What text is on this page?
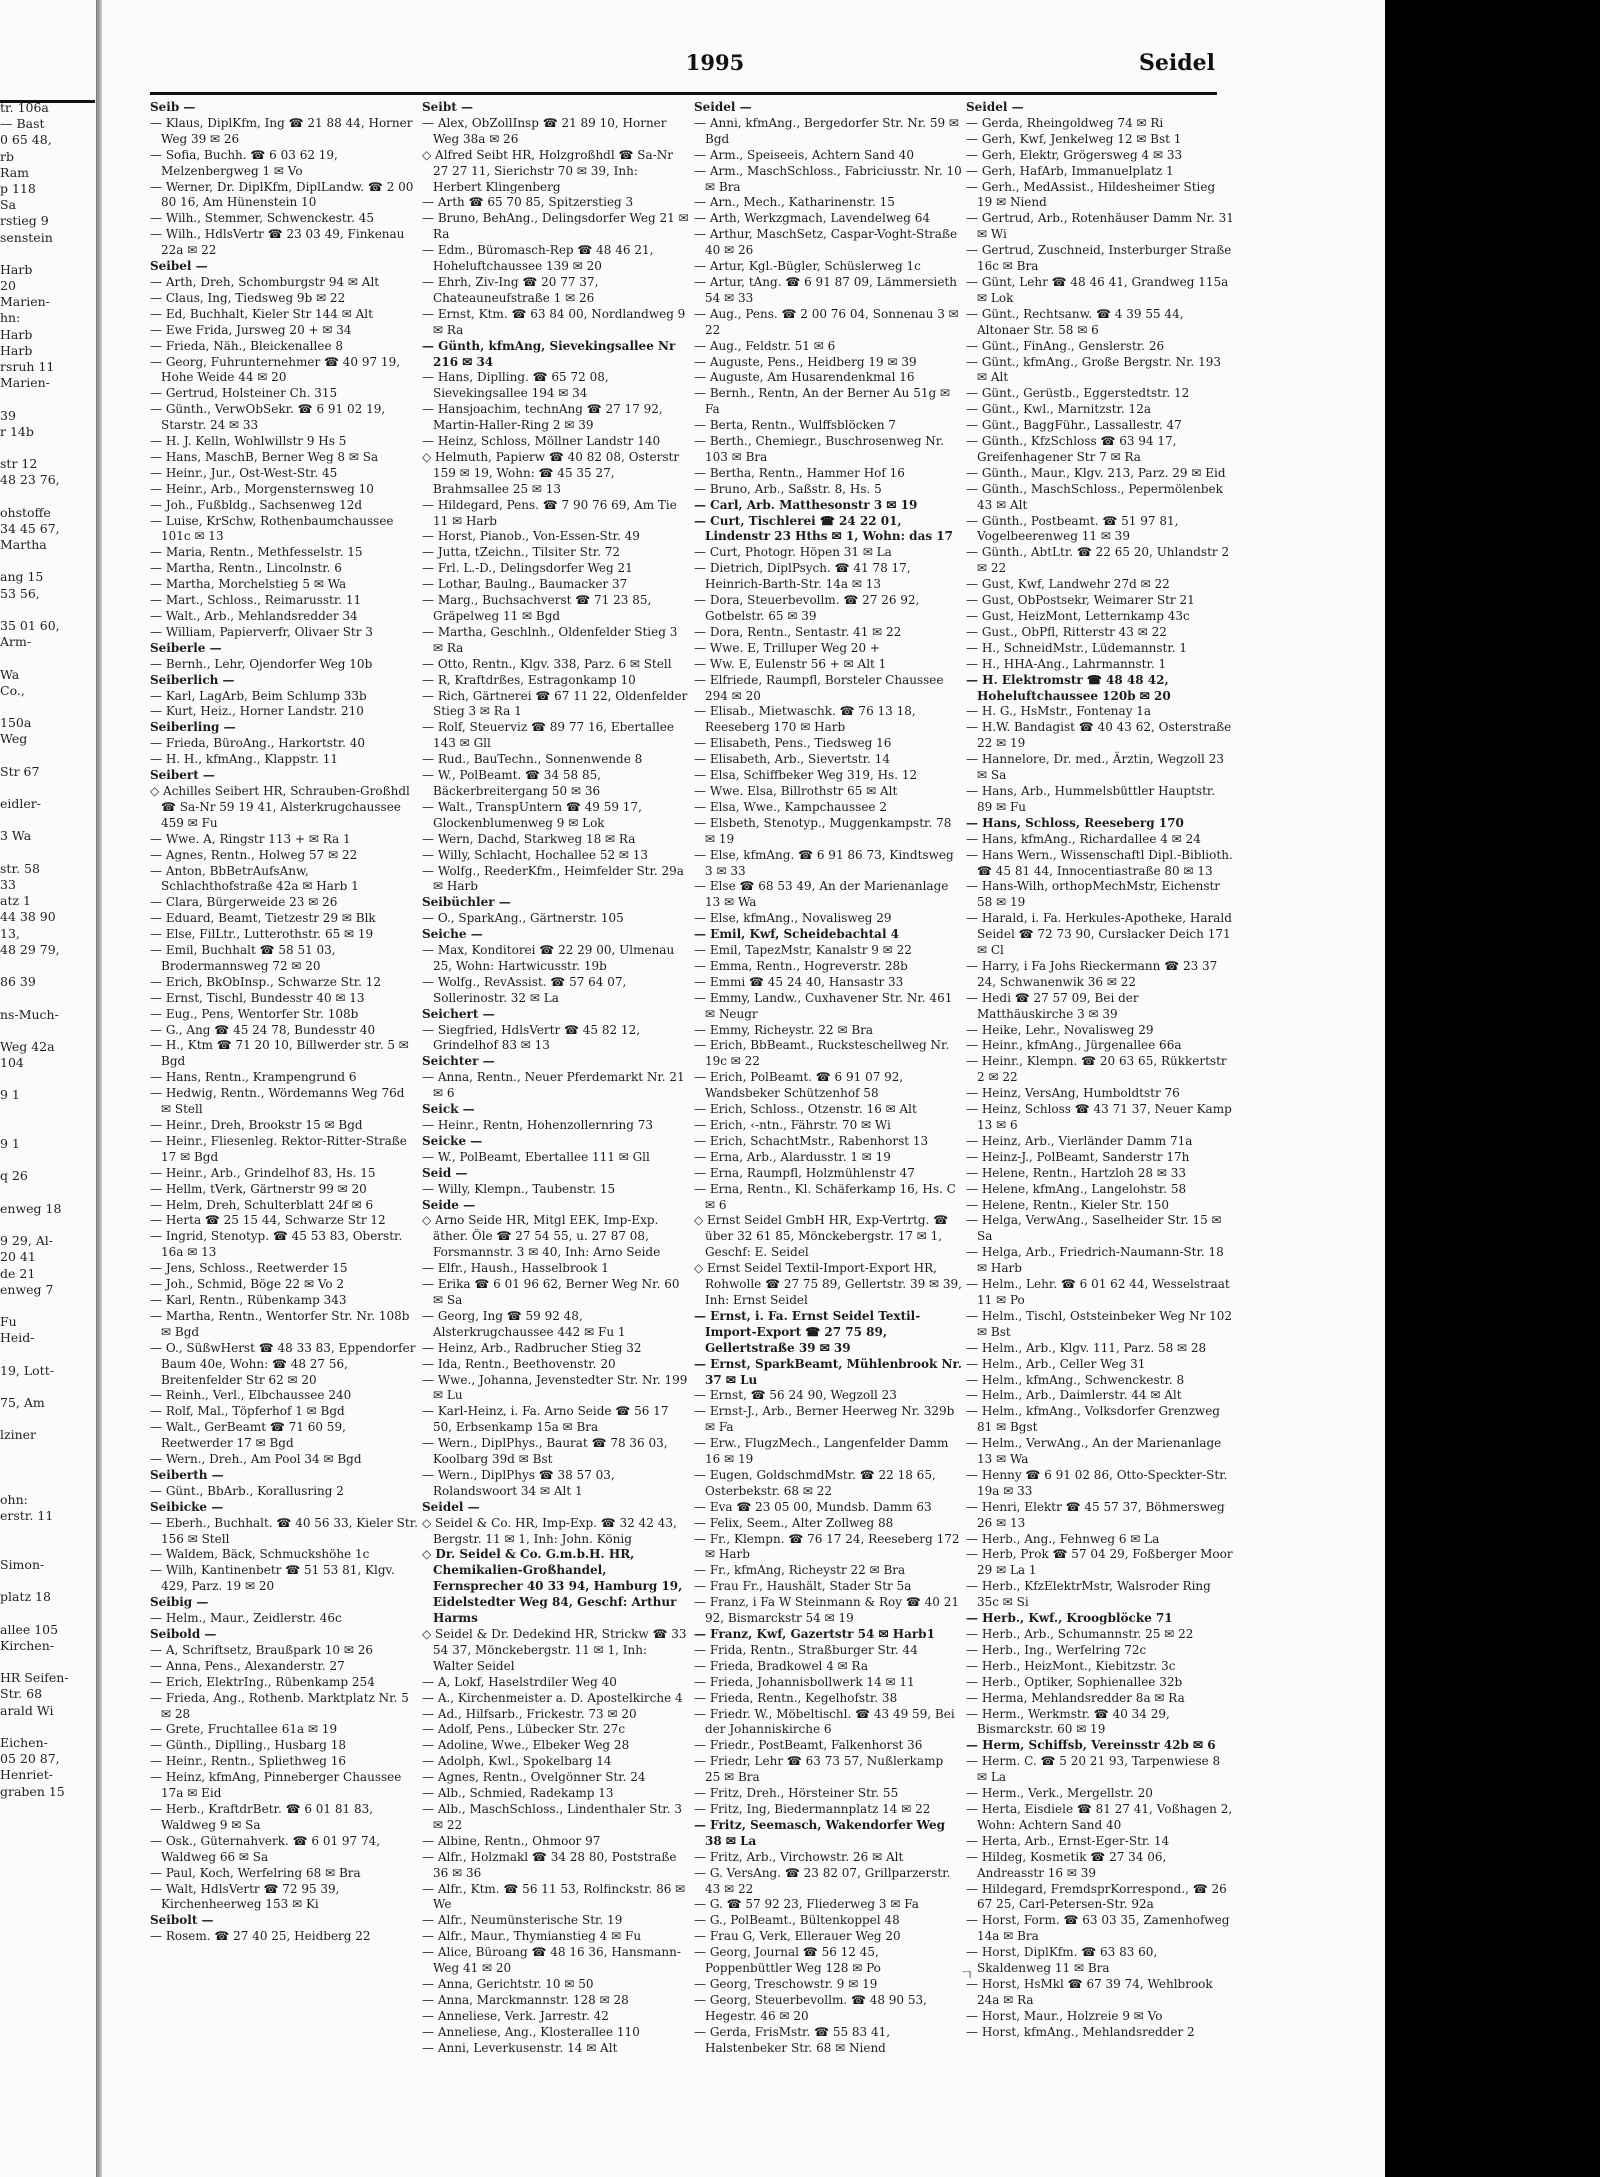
tr. 106a
— Bast
0 65 48,
rb
Ram
p 118
Sa
rstieg 9
senstein
Harb
20
Marien-
hn:
Harb
Harb
rsruh 11
Marien-
39
r 14b
str 12
48 23 76,
ohstoffe
34 45 67,
Martha
ang 15
53 56,
35 01 60,
Arm-
Wa
Co.,
150a
Weg
Str 67
eidler-
3 Wa
str. 58
33
atz 1
44 38 90
13,
48 29 79,
86 39
ns-Much-
Weg 42a
104
9 1
9 1
q 26
enweg 18
9 29, Al-
20 41
de 21
enweg 7
Fu
Heid-
19, Lott-
75, Am
lziner
ohn:
erstr. 11
Simon-
platz 18
allee 105
Kirchen-
HR Seifen-
Str. 68
arald Wi
Eichen-
05 20 87,
Henriet-
graben 15
1995	Seidel
Seib —
— Klaus, DiplKfm, Ing ☎ 21 88 44, Horner Weg 39 ✉ 26
— Sofia, Buchh. ☎ 6 03 62 19, Melzenbergweg 1 ✉ Vo
— Werner, Dr. DiplKfm, DiplLandw. ☎ 2 00 80 16, Am Hünenstein 10
— Wilh., Stemmer, Schwenckestr. 45
— Wilh., HdlsVertr ☎ 23 03 49, Finkenau 22a ✉ 22
Seibel —
— Arth, Dreh, Schomburgstr 94 ✉ Alt
— Claus, Ing, Tiedsweg 9b ✉ 22
— Ed, Buchhalt, Kieler Str 144 ✉ Alt
— Ewe Frida, Jursweg 20 + ✉ 34
— Frieda, Näh., Bleickenallee 8
— Georg, Fuhrunternehmer ☎ 40 97 19, Hohe Weide 44 ✉ 20
— Gertrud, Holsteiner Ch. 315
— Günth., VerwObSekr. ☎ 6 91 02 19, Starstr. 24 ✉ 33
— H. J. Kelln, Wohlwillstr 9 Hs 5
— Hans, MaschB, Berner Weg 8 ✉ Sa
— Heinr., Jur., Ost-West-Str. 45
— Heinr., Arb., Morgensternsweg 10
— Joh., Fußbldg., Sachsenweg 12d
— Luise, KrSchw, Rothenbaumchaussee 101c ✉ 13
— Maria, Rentn., Methfesselstr. 15
— Martha, Rentn., Lincolnstr. 6
— Martha, Morchelstieg 5 ✉ Wa
— Mart., Schloss., Reimarusstr. 11
— Walt., Arb., Mehlandsredder 34
— William, Papierverfr, Olivaer Str 3
Seiberle —
— Bernh., Lehr, Ojendorfer Weg 10b
Seiberlich —
— Karl, LagArb, Beim Schlump 33b
— Kurt, Heiz., Horner Landstr. 210
Seiberling —
— Frieda, BüroAng., Harkortstr. 40
— H. H., kfmAng., Klappstr. 11
Seibert —
◇ Achilles Seibert HR, Schrauben-Großhdl ☎ Sa-Nr 59 19 41, Alsterkrugchaussee 459 ✉ Fu
— Wwe. A, Ringstr 113 + ✉ Ra 1
— Agnes, Rentn., Holweg 57 ✉ 22
— Anton, BbBetrAufsAnw, Schlachthofstraße 42a ✉ Harb 1
— Clara, Bürgerweide 23 ✉ 26
— Eduard, Beamt, Tietzestr 29 ✉ Blk
— Else, FilLtr., Lutterothstr. 65 ✉ 19
— Emil, Buchhalt ☎ 58 51 03, Brodermannsweg 72 ✉ 20
— Erich, BkObInsp., Schwarze Str. 12
— Ernst, Tischl, Bundesstr 40 ✉ 13
— Eug., Pens, Wentorfer Str. 108b
— G., Ang ☎ 45 24 78, Bundesstr 40
— H., Ktm ☎ 71 20 10, Billwerder str. 5 ✉ Bgd
— Hans, Rentn., Krampengrund 6
— Hedwig, Rentn., Wördemanns Weg 76d ✉ Stell
— Heinr., Dreh, Brookstr 15 ✉ Bgd
— Heinr., Fliesenleg. Rektor-Ritter-Straße 17 ✉ Bgd
— Heinr., Arb., Grindelhof 83, Hs. 15
— Hellm, tVerk, Gärtnerstr 99 ✉ 20
— Helm, Dreh, Schulterblatt 24f ✉ 6
— Herta ☎ 25 15 44, Schwarze Str 12
— Ingrid, Stenotyp. ☎ 45 53 83, Oberstr. 16a ✉ 13
— Jens, Schloss., Reetwerder 15
— Joh., Schmid, Böge 22 ✉ Vo 2
— Karl, Rentn., Rübenkamp 343
— Martha, Rentn., Wentorfer Str. Nr. 108b ✉ Bgd
— O., SüßwHerst ☎ 48 33 83, Eppendorfer Baum 40e, Wohn: ☎ 48 27 56, Breitenfelder Str 62 ✉ 20
— Reinh., Verl., Elbchaussee 240
— Rolf, Mal., Töpferhof 1 ✉ Bgd
— Walt., GerBeamt ☎ 71 60 59, Reetwerder 17 ✉ Bgd
— Wern., Dreh., Am Pool 34 ✉ Bgd
Seiberth —
— Günt., BbArb., Korallusring 2
Seibicke —
— Eberh., Buchhalt. ☎ 40 56 33, Kieler Str. 156 ✉ Stell
— Waldem, Bäck, Schmuckshöhe 1c
— Wilh, Kantinenbetr ☎ 51 53 81, Klgv. 429, Parz. 19 ✉ 20
Seibig —
— Helm., Maur., Zeidlerstr. 46c
Seibold —
— A, Schriftsetz, Braußpark 10 ✉ 26
— Anna, Pens., Alexanderstr. 27
— Erich, ElektrIng., Rübenkamp 254
— Frieda, Ang., Rothenb. Marktplatz Nr. 5 ✉ 28
— Grete, Fruchtallee 61a ✉ 19
— Günth., Diplling., Husbarg 18
— Heinr., Rentn., Spliethweg 16
— Heinz, kfmAng, Pinneberger Chaussee 17a ✉ Eid
— Herb., KraftdrBetr. ☎ 6 01 81 83, Waldweg 9 ✉ Sa
— Osk., Güternahverk. ☎ 6 01 97 74, Waldweg 66 ✉ Sa
— Paul, Koch, Werfelring 68 ✉ Bra
— Walt, HdlsVertr ☎ 72 95 39, Kirchenheerweg 153 ✉ Ki
Seibolt —
— Rosem. ☎ 27 40 25, Heidberg 22
Seibt —
— Alex, ObZollInsp ☎ 21 89 10, Horner Weg 38a ✉ 26
◇ Alfred Seibt HR, Holzgroßhdl ☎ Sa-Nr 27 27 11, Sierichstr 70 ✉ 39, Inh: Herbert Klingenberg
— Arth ☎ 65 70 85, Spitzerstieg 3
— Bruno, BehAng., Delingsdorfer Weg 21 ✉ Ra
— Edm., Büromasch-Rep ☎ 48 46 21, Hoheluftchaussee 139 ✉ 20
— Ehrh, Ziv-Ing ☎ 20 77 37, Chateauneufstraße 1 ✉ 26
— Ernst, Ktm. ☎ 63 84 00, Nordlandweg 9 ✉ Ra
— Günth, kfmAng, Sievekingsallee Nr 216 ✉ 34
— Hans, Diplling. ☎ 65 72 08, Sievekingsallee 194 ✉ 34
— Hansjoachim, technAng ☎ 27 17 92, Martin-Haller-Ring 2 ✉ 39
— Heinz, Schloss, Möllner Landstr 140
◇ Helmuth, Papierw ☎ 40 82 08, Osterstr 159 ✉ 19, Wohn: ☎ 45 35 27, Brahmsallee 25 ✉ 13
— Hildegard, Pens. ☎ 7 90 76 69, Am Tie 11 ✉ Harb
— Horst, Pianob., Von-Essen-Str. 49
— Jutta, tZeichn., Tilsiter Str. 72
— Frl. L.-D., Delingsdorfer Weg 21
— Lothar, Baulng., Baumacker 37
— Marg., Buchsachverst ☎ 71 23 85, Gräpelweg 11 ✉ Bgd
— Martha, Geschlnh., Oldenfelder Stieg 3 ✉ Ra
— Otto, Rentn., Klgv. 338, Parz. 6 ✉ Stell
— R, Kraftdrßes, Estragonkamp 10
— Rich, Gärtnerei ☎ 67 11 22, Oldenfelder Stieg 3 ✉ Ra 1
— Rolf, Steuerviz ☎ 89 77 16, Ebertallee 143 ✉ Gll
— Rud., BauTechn., Sonnenwende 8
— W., PolBeamt. ☎ 34 58 85, Bäckerbreitergang 50 ✉ 36
— Walt., TranspUntern ☎ 49 59 17, Glockenblumenweg 9 ✉ Lok
— Wern, Dachd, Starkweg 18 ✉ Ra
— Willy, Schlacht, Hochallee 52 ✉ 13
— Wolfg., ReederKfm., Heimfelder Str. 29a ✉ Harb
Seibüchler —
— O., SparkAng., Gärtnerstr. 105
Seiche —
— Max, Konditorei ☎ 22 29 00, Ulmenau 25, Wohn: Hartwicusstr. 19b
— Wolfg., RevAssist. ☎ 57 64 07, Sollerinostr. 32 ✉ La
Seichert —
— Siegfried, HdlsVertr ☎ 45 82 12, Grindelhof 83 ✉ 13
Seichter —
— Anna, Rentn., Neuer Pferdemarkt Nr. 21 ✉ 6
Seick —
— Heinr., Rentn, Hohenzollernring 73
Seicke —
— W., PolBeamt, Ebertallee 111 ✉ Gll
Seid —
— Willy, Klempn., Taubenstr. 15
Seide —
◇ Arno Seide HR, Mitgl EEK, Imp-Exp. äther. Öle ☎ 27 54 55, u. 27 87 08, Forsmannstr. 3 ✉ 40, Inh: Arno Seide
— Elfr., Haush., Hasselbrook 1
— Erika ☎ 6 01 96 62, Berner Weg Nr. 60 ✉ Sa
— Georg, Ing ☎ 59 92 48, Alsterkrugchaussee 442 ✉ Fu 1
— Heinz, Arb., Radbrucher Stieg 32
— Ida, Rentn., Beethovenstr. 20
— Wwe., Johanna, Jevenstedter Str. Nr. 199 ✉ Lu
— Karl-Heinz, i. Fa. Arno Seide ☎ 56 17 50, Erbsenkamp 15a ✉ Bra
— Wern., DiplPhys., Baurat ☎ 78 36 03, Koolbarg 39d ✉ Bst
— Wern., DiplPhys ☎ 38 57 03, Rolandswoort 34 ✉ Alt 1
Seidel —
◇ Seidel & Co. HR, Imp-Exp. ☎ 32 42 43, Bergstr. 11 ✉ 1, Inh: John. König
◇ Dr. Seidel & Co. G.m.b.H. HR, Chemikalien-Großhandel, Fernsprecher 40 33 94, Hamburg 19, Eidelstedter Weg 84, Geschf: Arthur Harms
◇ Seidel & Dr. Dedekind HR, Strickw ☎ 33 54 37, Mönckebergstr. 11 ✉ 1, Inh: Walter Seidel
— A, Lokf, Haselstrdiler Weg 40
— A., Kirchenmeister a. D. Apostelkirche 4
— Ad., Hilfsarb., Frickestr. 73 ✉ 20
— Adolf, Pens., Lübecker Str. 27c
— Adoline, Wwe., Elbeker Weg 28
— Adolph, Kwl., Spokelbarg 14
— Agnes, Rentn., Ovelgönner Str. 24
— Alb., Schmied, Radekamp 13
— Alb., MaschSchloss., Lindenthaler Str. 3 ✉ 22
— Albine, Rentn., Ohmoor 97
— Alfr., Holzmakl ☎ 34 28 80, Poststraße 36 ✉ 36
— Alfr., Ktm. ☎ 56 11 53, Rolfinckstr. 86 ✉ We
— Alfr., Neumünsterische Str. 19
— Alfr., Maur., Thymianstieg 4 ✉ Fu
— Alice, Büroang ☎ 48 16 36, Hansmann-Weg 41 ✉ 20
— Anna, Gerichtstr. 10 ✉ 50
— Anna, Marckmannstr. 128 ✉ 28
— Anneliese, Verk. Jarrestr. 42
— Anneliese, Ang., Klosterallee 110
— Anni, Leverkusenstr. 14 ✉ Alt
Seidel —
— Anni, kfmAng., Bergedorfer Str. Nr. 59 ✉ Bgd
— Arm., Speiseeis, Achtern Sand 40
— Arm., MaschSchloss., Fabriciusstr. Nr. 10 ✉ Bra
— Arn., Mech., Katharinenstr. 15
— Arth, Werkzgmach, Lavendelweg 64
— Arthur, MaschSetz, Caspar-Voght-Straße 40 ✉ 26
— Artur, Kgl.-Bügler, Schüslerweg 1c
— Artur, tAng. ☎ 6 91 87 09, Lämmersieth 54 ✉ 33
— Aug., Pens. ☎ 2 00 76 04, Sonnenau 3 ✉ 22
— Aug., Feldstr. 51 ✉ 6
— Auguste, Pens., Heidberg 19 ✉ 39
— Auguste, Am Husarendenkmal 16
— Bernh., Rentn, An der Berner Au 51g ✉ Fa
— Berta, Rentn., Wulffsblöcken 7
— Berth., Chemiegr., Buschrosenweg Nr. 103 ✉ Bra
— Bertha, Rentn., Hammer Hof 16
— Bruno, Arb., Saßstr. 8, Hs. 5
— Carl, Arb. Matthesonstr 3 ✉ 19
— Curt, Tischlerei ☎ 24 22 01, Lindenstr 23 Hths ✉ 1, Wohn: das 17
— Curt, Photogr. Höpen 31 ✉ La
— Dietrich, DiplPsych. ☎ 41 78 17, Heinrich-Barth-Str. 14a ✉ 13
— Dora, Steuerbevollm. ☎ 27 26 92, Gotbelstr. 65 ✉ 39
— Dora, Rentn., Sentastr. 41 ✉ 22
— Wwe. E, Trilluper Weg 20 +
— Ww. E, Eulenstr 56 + ✉ Alt 1
— Elfriede, Raumpfl, Borsteler Chaussee 294 ✉ 20
— Elisab., Mietwaschk. ☎ 76 13 18, Reeseberg 170 ✉ Harb
— Elisabeth, Pens., Tiedsweg 16
— Elisabeth, Arb., Sievertstr. 14
— Elsa, Schiffbeker Weg 319, Hs. 12
— Wwe. Elsa, Billrothstr 65 ✉ Alt
— Elsa, Wwe., Kampchaussee 2
— Elsbeth, Stenotyp., Muggenkampstr. 78 ✉ 19
— Else, kfmAng. ☎ 6 91 86 73, Kindtsweg 3 ✉ 33
— Else ☎ 68 53 49, An der Marienanlage 13 ✉ Wa
— Else, kfmAng., Novalisweg 29
— Emil, Kwf, Scheidebachtal 4
— Emil, TapezMstr, Kanalstr 9 ✉ 22
— Emma, Rentn., Hogreverstr. 28b
— Emmi ☎ 45 24 40, Hansastr 33
— Emmy, Landw., Cuxhavener Str. Nr. 461 ✉ Neugr
— Emmy, Richeystr. 22 ✉ Bra
— Erich, BbBeamt., Rucksteschellweg Nr. 19c ✉ 22
— Erich, PolBeamt. ☎ 6 91 07 92, Wandsbeker Schützenhof 58
— Erich, Schloss., Otzenstr. 16 ✉ Alt
— Erich, ‹-ntn., Fährstr. 70 ✉ Wi
— Erich, SchachtMstr., Rabenhorst 13
— Erna, Arb., Alardusstr. 1 ✉ 19
— Erna, Raumpfl, Holzmühlenstr 47
— Erna, Rentn., Kl. Schäferkamp 16, Hs. C ✉ 6
◇ Ernst Seidel GmbH HR, Exp-Vertrtg. ☎ über 32 61 85, Mönckebergstr. 17 ✉ 1, Geschf: E. Seidel
◇ Ernst Seidel Textil-Import-Export HR, Rohwolle ☎ 27 75 89, Gellertstr. 39 ✉ 39, Inh: Ernst Seidel
— Ernst, i. Fa. Ernst Seidel Textil-Import-Export ☎ 27 75 89, Gellertstraße 39 ✉ 39
— Ernst, SparkBeamt, Mühlenbrook Nr. 37 ✉ Lu
— Ernst, ☎ 56 24 90, Wegzoll 23
— Ernst-J., Arb., Berner Heerweg Nr. 329b ✉ Fa
— Erw., FlugzMech., Langenfelder Damm 16 ✉ 19
— Eugen, GoldschmdMstr. ☎ 22 18 65, Osterbekstr. 68 ✉ 22
— Eva ☎ 23 05 00, Mundsb. Damm 63
— Felix, Seem., Alter Zollweg 88
— Fr., Klempn. ☎ 76 17 24, Reeseberg 172 ✉ Harb
— Fr., kfmAng, Richeystr 22 ✉ Bra
— Frau Fr., Haushält, Stader Str 5a
— Franz, i Fa W Steinmann & Roy ☎ 40 21 92, Bismarckstr 54 ✉ 19
— Franz, Kwf, Gazertstr 54 ✉ Harb1
— Frida, Rentn., Straßburger Str. 44
— Frieda, Bradkowel 4 ✉ Ra
— Frieda, Johannisbollwerk 14 ✉ 11
— Frieda, Rentn., Kegelhofstr. 38
— Friedr. W., Möbeltischl. ☎ 43 49 59, Bei der Johanniskirche 6
— Friedr., PostBeamt, Falkenhorst 36
— Friedr, Lehr ☎ 63 73 57, Nußlerkamp 25 ✉ Bra
— Fritz, Dreh., Hörsteiner Str. 55
— Fritz, Ing, Biedermannplatz 14 ✉ 22
— Fritz, Seemasch, Wakendorfer Weg 38 ✉ La
— Fritz, Arb., Virchowstr. 26 ✉ Alt
— G. VersAng. ☎ 23 82 07, Grillparzerstr. 43 ✉ 22
— G. ☎ 57 92 23, Fliederweg 3 ✉ Fa
— G., PolBeamt., Bültenkoppel 48
— Frau G, Verk, Ellerauer Weg 20
— Georg, Journal ☎ 56 12 45, Poppenbüttler Weg 128 ✉ Po
— Georg, Treschowstr. 9 ✉ 19
— Georg, Steuerbevollm. ☎ 48 90 53, Hegestr. 46 ✉ 20
— Gerda, FrisMstr. ☎ 55 83 41, Halstenbeker Str. 68 ✉ Niend
Seidel —
— Gerda, Rheingoldweg 74 ✉ Ri
— Gerh, Kwf, Jenkelweg 12 ✉ Bst 1
— Gerh, Elektr, Grögersweg 4 ✉ 33
— Gerh, HafArb, Immanuelplatz 1
— Gerh., MedAssist., Hildesheimer Stieg 19 ✉ Niend
— Gertrud, Arb., Rotenhäuser Damm Nr. 31 ✉ Wi
— Gertrud, Zuschneid, Insterburger Straße 16c ✉ Bra
— Günt, Lehr ☎ 48 46 41, Grandweg 115a ✉ Lok
— Günt., Rechtsanw. ☎ 4 39 55 44, Altonaer Str. 58 ✉ 6
— Günt., FinAng., Genslerstr. 26
— Günt., kfmAng., Große Bergstr. Nr. 193 ✉ Alt
— Günt., Gerüstb., Eggerstedtstr. 12
— Günt., Kwl., Marnitzstr. 12a
— Günt., BaggFühr., Lassallestr. 47
— Günth., KfzSchloss ☎ 63 94 17, Greifenhagener Str 7 ✉ Ra
— Günth., Maur., Klgv. 213, Parz. 29 ✉ Eid
— Günth., MaschSchloss., Pepermölenbek 43 ✉ Alt
— Günth., Postbeamt. ☎ 51 97 81, Vogelbeerenweg 11 ✉ 39
— Günth., AbtLtr. ☎ 22 65 20, Uhlandstr 2 ✉ 22
— Gust, Kwf, Landwehr 27d ✉ 22
— Gust, ObPostsekr, Weimarer Str 21
— Gust, HeizMont, Letternkamp 43c
— Gust., ObPfl, Ritterstr 43 ✉ 22
— H., SchneidMstr., Lüdemannstr. 1
— H., HHA-Ang., Lahrmannstr. 1
— H. Elektromstr ☎ 48 48 42, Hoheluftchaussee 120b ✉ 20
— H. G., HsMstr., Fontenay 1a
— H.W. Bandagist ☎ 40 43 62, Osterstraße 22 ✉ 19
— Hannelore, Dr. med., Ärztin, Wegzoll 23 ✉ Sa
— Hans, Arb., Hummelsbüttler Hauptstr. 89 ✉ Fu
— Hans, Schloss, Reeseberg 170
— Hans, kfmAng., Richardallee 4 ✉ 24
— Hans Wern., Wissenschaftl Dipl.-Biblioth. ☎ 45 81 44, Innocentiastraße 80 ✉ 13
— Hans-Wilh, orthopMechMstr, Eichenstr 58 ✉ 19
— Harald, i. Fa. Herkules-Apotheke, Harald Seidel ☎ 72 73 90, Curslacker Deich 171 ✉ Cl
— Harry, i Fa Johs Rieckermann ☎ 23 37 24, Schwanenwik 36 ✉ 22
— Hedi ☎ 27 57 09, Bei der Matthäuskirche 3 ✉ 39
— Heike, Lehr., Novalisweg 29
— Heinr., kfmAng., Jürgenallee 66a
— Heinr., Klempn. ☎ 20 63 65, Rükkertstr 2 ✉ 22
— Heinz, VersAng, Humboldtstr 76
— Heinz, Schloss ☎ 43 71 37, Neuer Kamp 13 ✉ 6
— Heinz, Arb., Vierländer Damm 71a
— Heinz-J., PolBeamt, Sanderstr 17h
— Helene, Rentn., Hartzloh 28 ✉ 33
— Helene, kfmAng., Langelohstr. 58
— Helene, Rentn., Kieler Str. 150
— Helga, VerwAng., Saselheider Str. 15 ✉ Sa
— Helga, Arb., Friedrich-Naumann-Str. 18 ✉ Harb
— Helm., Lehr. ☎ 6 01 62 44, Wesselstraat 11 ✉ Po
— Helm., Tischl, Oststeinbeker Weg Nr 102 ✉ Bst
— Helm., Arb., Klgv. 111, Parz. 58 ✉ 28
— Helm., Arb., Celler Weg 31
— Helm., kfmAng., Schwenckestr. 8
— Helm., Arb., Daimlerstr. 44 ✉ Alt
— Helm., kfmAng., Volksdorfer Grenzweg 81 ✉ Bgst
— Helm., VerwAng., An der Marienanlage 13 ✉ Wa
— Henny ☎ 6 91 02 86, Otto-Speckter-Str. 19a ✉ 33
— Henri, Elektr ☎ 45 57 37, Böhmersweg 26 ✉ 13
— Herb., Ang., Fehnweg 6 ✉ La
— Herb, Prok ☎ 57 04 29, Foßberger Moor 29 ✉ La 1
— Herb., KfzElektrMstr, Walsroder Ring 35c ✉ Si
— Herb., Kwf., Kroogblöcke 71
— Herb., Arb., Schumannstr. 25 ✉ 22
— Herb., Ing., Werfelring 72c
— Herb., HeizMont., Kiebitzstr. 3c
— Herb., Optiker, Sophienallee 32b
— Herma, Mehlandsredder 8a ✉ Ra
— Herm., Werkmstr. ☎ 40 34 29, Bismarckstr. 60 ✉ 19
— Herm, Schiffsb, Vereinsstr 42b ✉ 6
— Herm. C. ☎ 5 20 21 93, Tarpenwiese 8 ✉ La
— Herm., Verk., Mergellstr. 20
— Herta, Eisdiele ☎ 81 27 41, Voßhagen 2, Wohn: Achtern Sand 40
— Herta, Arb., Ernst-Eger-Str. 14
— Hildeg, Kosmetik ☎ 27 34 06, Andreasstr 16 ✉ 39
— Hildegard, FremdsprKorrespond., ☎ 26 67 25, Carl-Petersen-Str. 92a
— Horst, Form. ☎ 63 03 35, Zamenhofweg 14a ✉ Bra
— Horst, DiplKfm. ☎ 63 83 60, Skaldenweg 11 ✉ Bra
— Horst, HsMkl ☎ 67 39 74, Wehlbrook 24a ✉ Ra
— Horst, Maur., Holzreie 9 ✉ Vo
— Horst, kfmAng., Mehlandsredder 2
ㄱ
